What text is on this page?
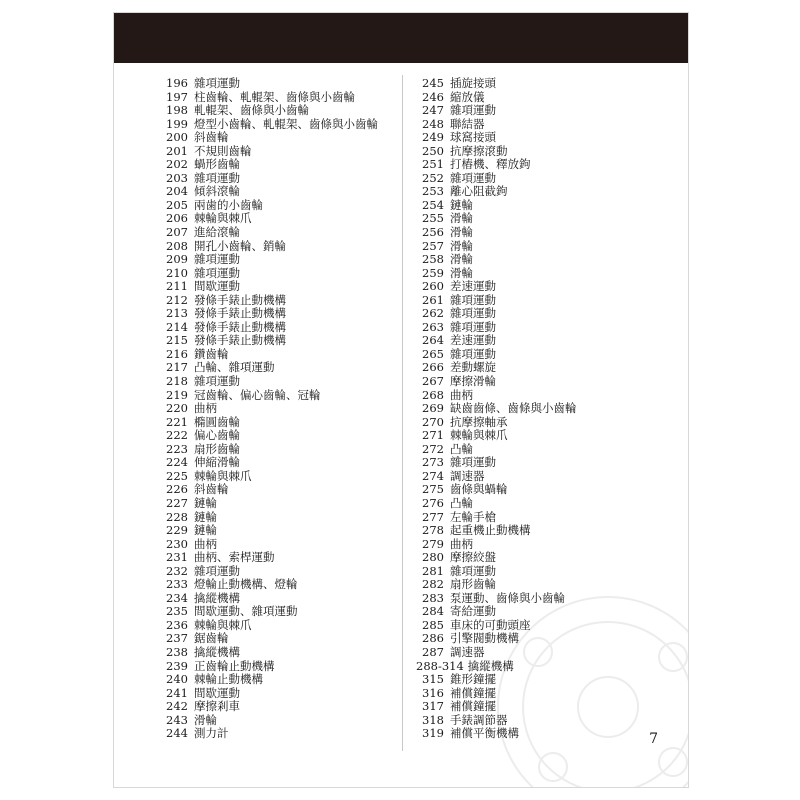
196 雜項運動
197 柱齒輪、軋輥架、齒條與小齒輪
198 軋輥架、齒條與小齒輪
199 燈型小齒輪、軋輥架、齒條與小齒輪
200 斜齒輪
201 不規則齒輪
202 蝸形齒輪
203 雜項運動
204 傾斜滾輪
205 兩歯的小齒輪
206 棘輪與棘爪
207 進給滾輪
208 開孔小齒輪、銷輪
209 雜項運動
210 雜項運動
211 間歇運動
212 發條手錶止動機構
213 發條手錶止動機構
214 發條手錶止動機構
215 發條手錶止動機構
216 鑽齒輪
217 凸輪、雜項運動
218 雜項運動
219 冠齒輪、偏心齒輪、冠輪
220 曲柄
221 橢圓齒輪
222 偏心齒輪
223 扇形齒輪
224 伸縮滑輪
225 棘輪與棘爪
226 斜齒輪
227 鏈輪
228 鏈輪
229 鏈輪
230 曲柄
231 曲柄、索桿運動
232 雜項運動
233 燈輪止動機構、燈輪
234 擒縱機構
235 間歇運動、雜項運動
236 棘輪與棘爪
237 鋸齒輪
238 擒縱機構
239 正齒輪止動機構
240 棘輪止動機構
241 間歇運動
242 摩擦剎車
243 滑輪
244 測力計
245 插旋接頭
246 縮放儀
247 雜項運動
248 聯結器
249 球窩接頭
250 抗摩擦滾動
251 打樁機、釋放鉤
252 雜項運動
253 離心阻截鉤
254 鏈輪
255 滑輪
256 滑輪
257 滑輪
258 滑輪
259 滑輪
260 差速運動
261 雜項運動
262 雜項運動
263 雜項運動
264 差速運動
265 雜項運動
266 差動螺旋
267 摩擦滑輪
268 曲柄
269 缺齒齒條、齒條與小齒輪
270 抗摩擦軸承
271 棘輪與棘爪
272 凸輪
273 雜項運動
274 調速器
275 齒條與蝸輪
276 凸輪
277 左輪手槍
278 起重機止動機構
279 曲柄
280 摩擦絞盤
281 雜項運動
282 扇形齒輪
283 泵運動、齒條與小齒輪
284 寄給運動
285 車床的可動頭座
286 引擎閥動機構
287 調速器
288-314 擒縱機構
315 錐形鐘擺
316 補償鐘擺
317 補償鐘擺
318 手錶調節器
319 補償平衡機構	7
